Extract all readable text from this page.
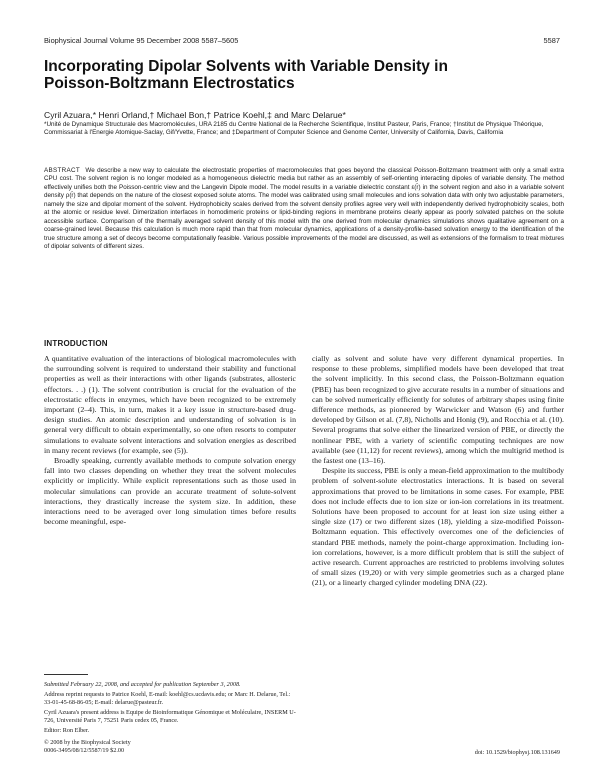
Biophysical Journal Volume 95 December 2008 5587–5605	5587
Incorporating Dipolar Solvents with Variable Density in Poisson-Boltzmann Electrostatics
Cyril Azuara,* Henri Orland,† Michael Bon,† Patrice Koehl,‡ and Marc Delarue*
*Unité de Dynamique Structurale des Macromolécules, URA 2185 du Centre National de la Recherche Scientifique, Institut Pasteur, Paris, France; †Institut de Physique Théorique, Commissariat à l'Energie Atomique-Saclay, Gif/Yvette, France; and ‡Department of Computer Science and Genome Center, University of California, Davis, California
ABSTRACT We describe a new way to calculate the electrostatic properties of macromolecules that goes beyond the classical Poisson-Boltzmann treatment with only a small extra CPU cost. The solvent region is no longer modeled as a homogeneous dielectric media but rather as an assembly of self-orienting interacting dipoles of variable density. The method effectively unifies both the Poisson-centric view and the Langevin Dipole model. The model results in a variable dielectric constant ε(r̄) in the solvent region and also in a variable solvent density ρ(r̄) that depends on the nature of the closest exposed solute atoms. The model was calibrated using small molecules and ions solvation data with only two adjustable parameters, namely the size and dipolar moment of the solvent. Hydrophobicity scales derived from the solvent density profiles agree very well with independently derived hydrophobicity scales, both at the atomic or residue level. Dimerization interfaces in homodimeric proteins or lipid-binding regions in membrane proteins clearly appear as poorly solvated patches on the solute accessible surface. Comparison of the thermally averaged solvent density of this model with the one derived from molecular dynamics simulations shows qualitative agreement on a coarse-grained level. Because this calculation is much more rapid than that from molecular dynamics, applications of a density-profile-based solvation energy to the identification of the true structure among a set of decoys become computationally feasible. Various possible improvements of the model are discussed, as well as extensions of the formalism to treat mixtures of dipolar solvents of different sizes.
INTRODUCTION

A quantitative evaluation of the interactions of biological macromolecules with the surrounding solvent is required to understand their stability and functional properties as well as their interactions with other ligands (substrates, allosteric effectors. . .) (1). The solvent contribution is crucial for the evaluation of the electrostatic effects in enzymes, which have been recognized to be extremely important (2–4). This, in turn, makes it a key issue in structure-based drug-design studies. An atomic description and understanding of solvation is in general very difficult to obtain experimentally, so one often resorts to computer simulations to evaluate solvent interactions and solvation energies as described in many recent reviews (for example, see (5)).

Broadly speaking, currently available methods to compute solvation energy fall into two classes depending on whether they treat the solvent molecules explicitly or implicitly. While explicit representations such as those used in molecular simulations can provide an accurate treatment of solute-solvent interactions, they drastically increase the system size. In addition, these interactions need to be averaged over long simulation times before results become meaningful, espe-

cially as solvent and solute have very different dynamical properties. In response to these problems, simplified models have been developed that treat the solvent implicitly. In this second class, the Poisson-Boltzmann equation (PBE) has been recognized to give accurate results in a number of situations and can be solved numerically efficiently for solutes of arbitrary shapes using finite difference methods, as pioneered by Warwicker and Watson (6) and further developed by Gilson et al. (7,8), Nicholls and Honig (9), and Rocchia et al. (10). Several programs that solve either the linearized version of PBE, or directly the nonlinear PBE, with a variety of scientific computing techniques are now available (see (11,12) for recent reviews), among which the multigrid method is the fastest one (13–16).

Despite its success, PBE is only a mean-field approximation to the multibody problem of solvent-solute electrostatics interactions. It is based on several approximations that proved to be limitations in some cases. For example, PBE does not include effects due to ion size or ion-ion correlations in its treatment. Solutions have been proposed to account for at least ion size using either a single size (17) or two different sizes (18), yielding a size-modified Poisson-Boltzmann equation. This effectively overcomes one of the deficiencies of standard PBE methods, namely the point-charge approximation. Including ion-ion correlations, however, is a more difficult problem that is still the subject of active research. Current approaches are restricted to problems involving solutes of small sizes (19,20) or with very simple geometries such as a charged plane (21), or a linearly charged cylinder modeling DNA (22).

Submitted February 22, 2008, and accepted for publication September 3, 2008.

Address reprint requests to Patrice Koehl, E-mail: koehl@cs.ucdavis.edu; or Marc H. Delarue, Tel.: 33-01-45-68-86-05; E-mail: delarue@pasteur.fr.

Cyril Azuara's present address is Equipe de Bioinformatique Génomique et Moléculaire, INSERM U-726, Université Paris 7, 75251 Paris cedex 05, France.

Editor: Ron Elber.

© 2008 by the Biophysical Society
0006-3495/08/12/5587/19 $2.00	doi: 10.1529/biophysj.108.131649
